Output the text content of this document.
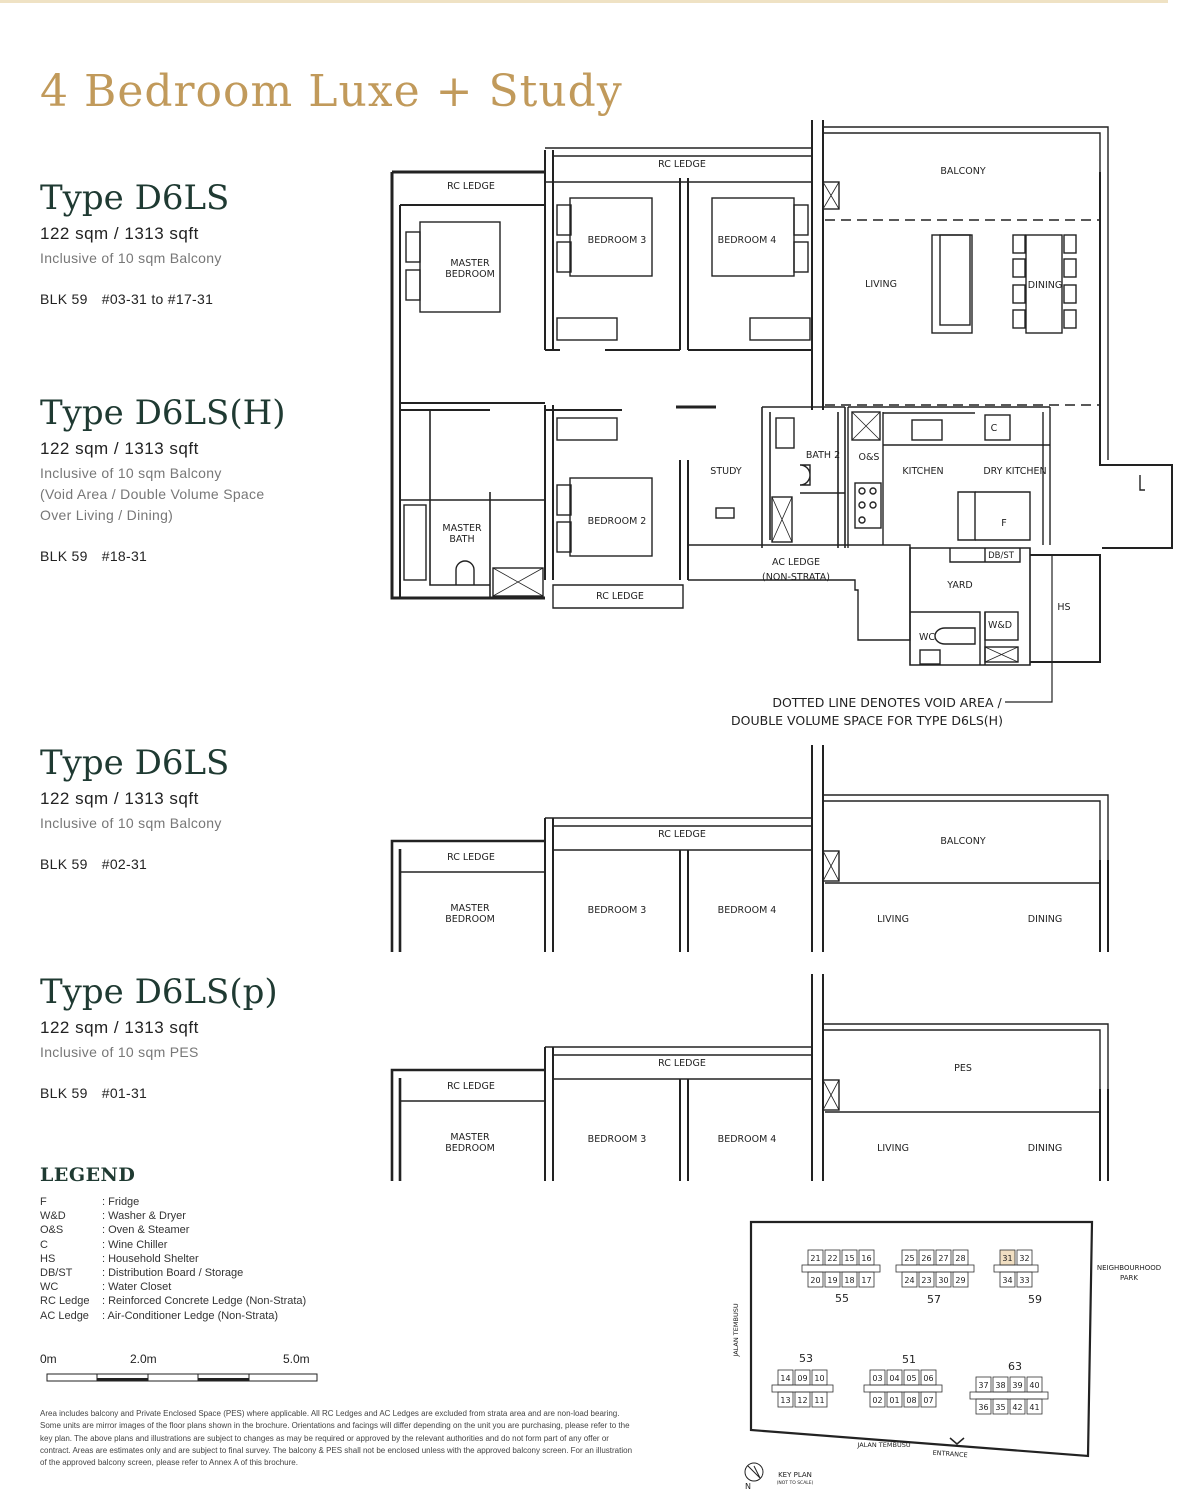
4 Bedroom Luxe + Study
Type D6LS
122 sqm / 1313 sqft
Inclusive of 10 sqm Balcony
BLK 59 #03-31 to #17-31
Type D6LS(H)
122 sqm / 1313 sqft
Inclusive of 10 sqm Balcony
(Void Area / Double Volume Space
Over Living / Dining)
BLK 59 #18-31
Type D6LS
122 sqm / 1313 sqft
Inclusive of 10 sqm Balcony
BLK 59 #02-31
Type D6LS(p)
122 sqm / 1313 sqft
Inclusive of 10 sqm PES
BLK 59 #01-31
RC LEDGE
RC LEDGE
BALCONY
MASTER
BEDROOM
BEDROOM 3	BEDROOM 4
LIVING	DINING
STUDY
BATH 2 O&S
KITCHEN	DRY KITCHEN
C
F
DB/ST
YARD
WC
W&D
HS
MASTER
BATH
BEDROOM 2
AC LEDGE
(NON-STRATA)
RC LEDGE
DOTTED LINE DENOTES VOID AREA /
DOUBLE VOLUME SPACE FOR TYPE D6LS(H)
RC LEDGE
RC LEDGE
BALCONY
MASTER
BEDROOM
BEDROOM 3	BEDROOM 4
LIVING	DINING
RC LEDGE
RC LEDGE
PES
MASTER
BEDROOM
BEDROOM 3	BEDROOM 4
LIVING	DINING
LEGEND
F	: Fridge
W&D	: Washer & Dryer
O&S	: Oven & Steamer
C	: Wine Chiller
HS	: Household Shelter
DB/ST	: Distribution Board / Storage
WC	: Water Closet
RC Ledge : Reinforced Concrete Ledge (Non-Strata)
AC Ledge : Air-Conditioner Ledge (Non-Strata)
0m	2.0m	5.0m
Area includes balcony and Private Enclosed Space (PES) where applicable. All RC Ledges and AC Ledges are excluded from strata area and are non-load bearing. Some units are mirror images of the floor plans shown in the brochure. Orientations and facings will differ depending on the unit you are purchasing, please refer to the key plan. The above plans and illustrations are subject to changes as may be required or approved by the relevant authorities and do not form part of any offer or contract. Areas are estimates only and are subject to final survey. The balcony & PES shall not be enclosed unless with the approved balcony screen. For an illustration of the approved balcony screen, please refer to Annex A of this brochure.
NEIGHBOURHOOD
PARK
JALAN TEMBUSU
JALAN TEMBUSU
ENTRANCE
KEY PLAN
(NOT TO SCALE)
N
21 22 15 16
20 19 18 17
55
25 26 27 28
24 23 30 29
57
31 32
34 33
59
14 09 10
13 12 11
53
03 04 05 06
02 01 08 07
51
37 38 39 40
36 35 42 41
63
